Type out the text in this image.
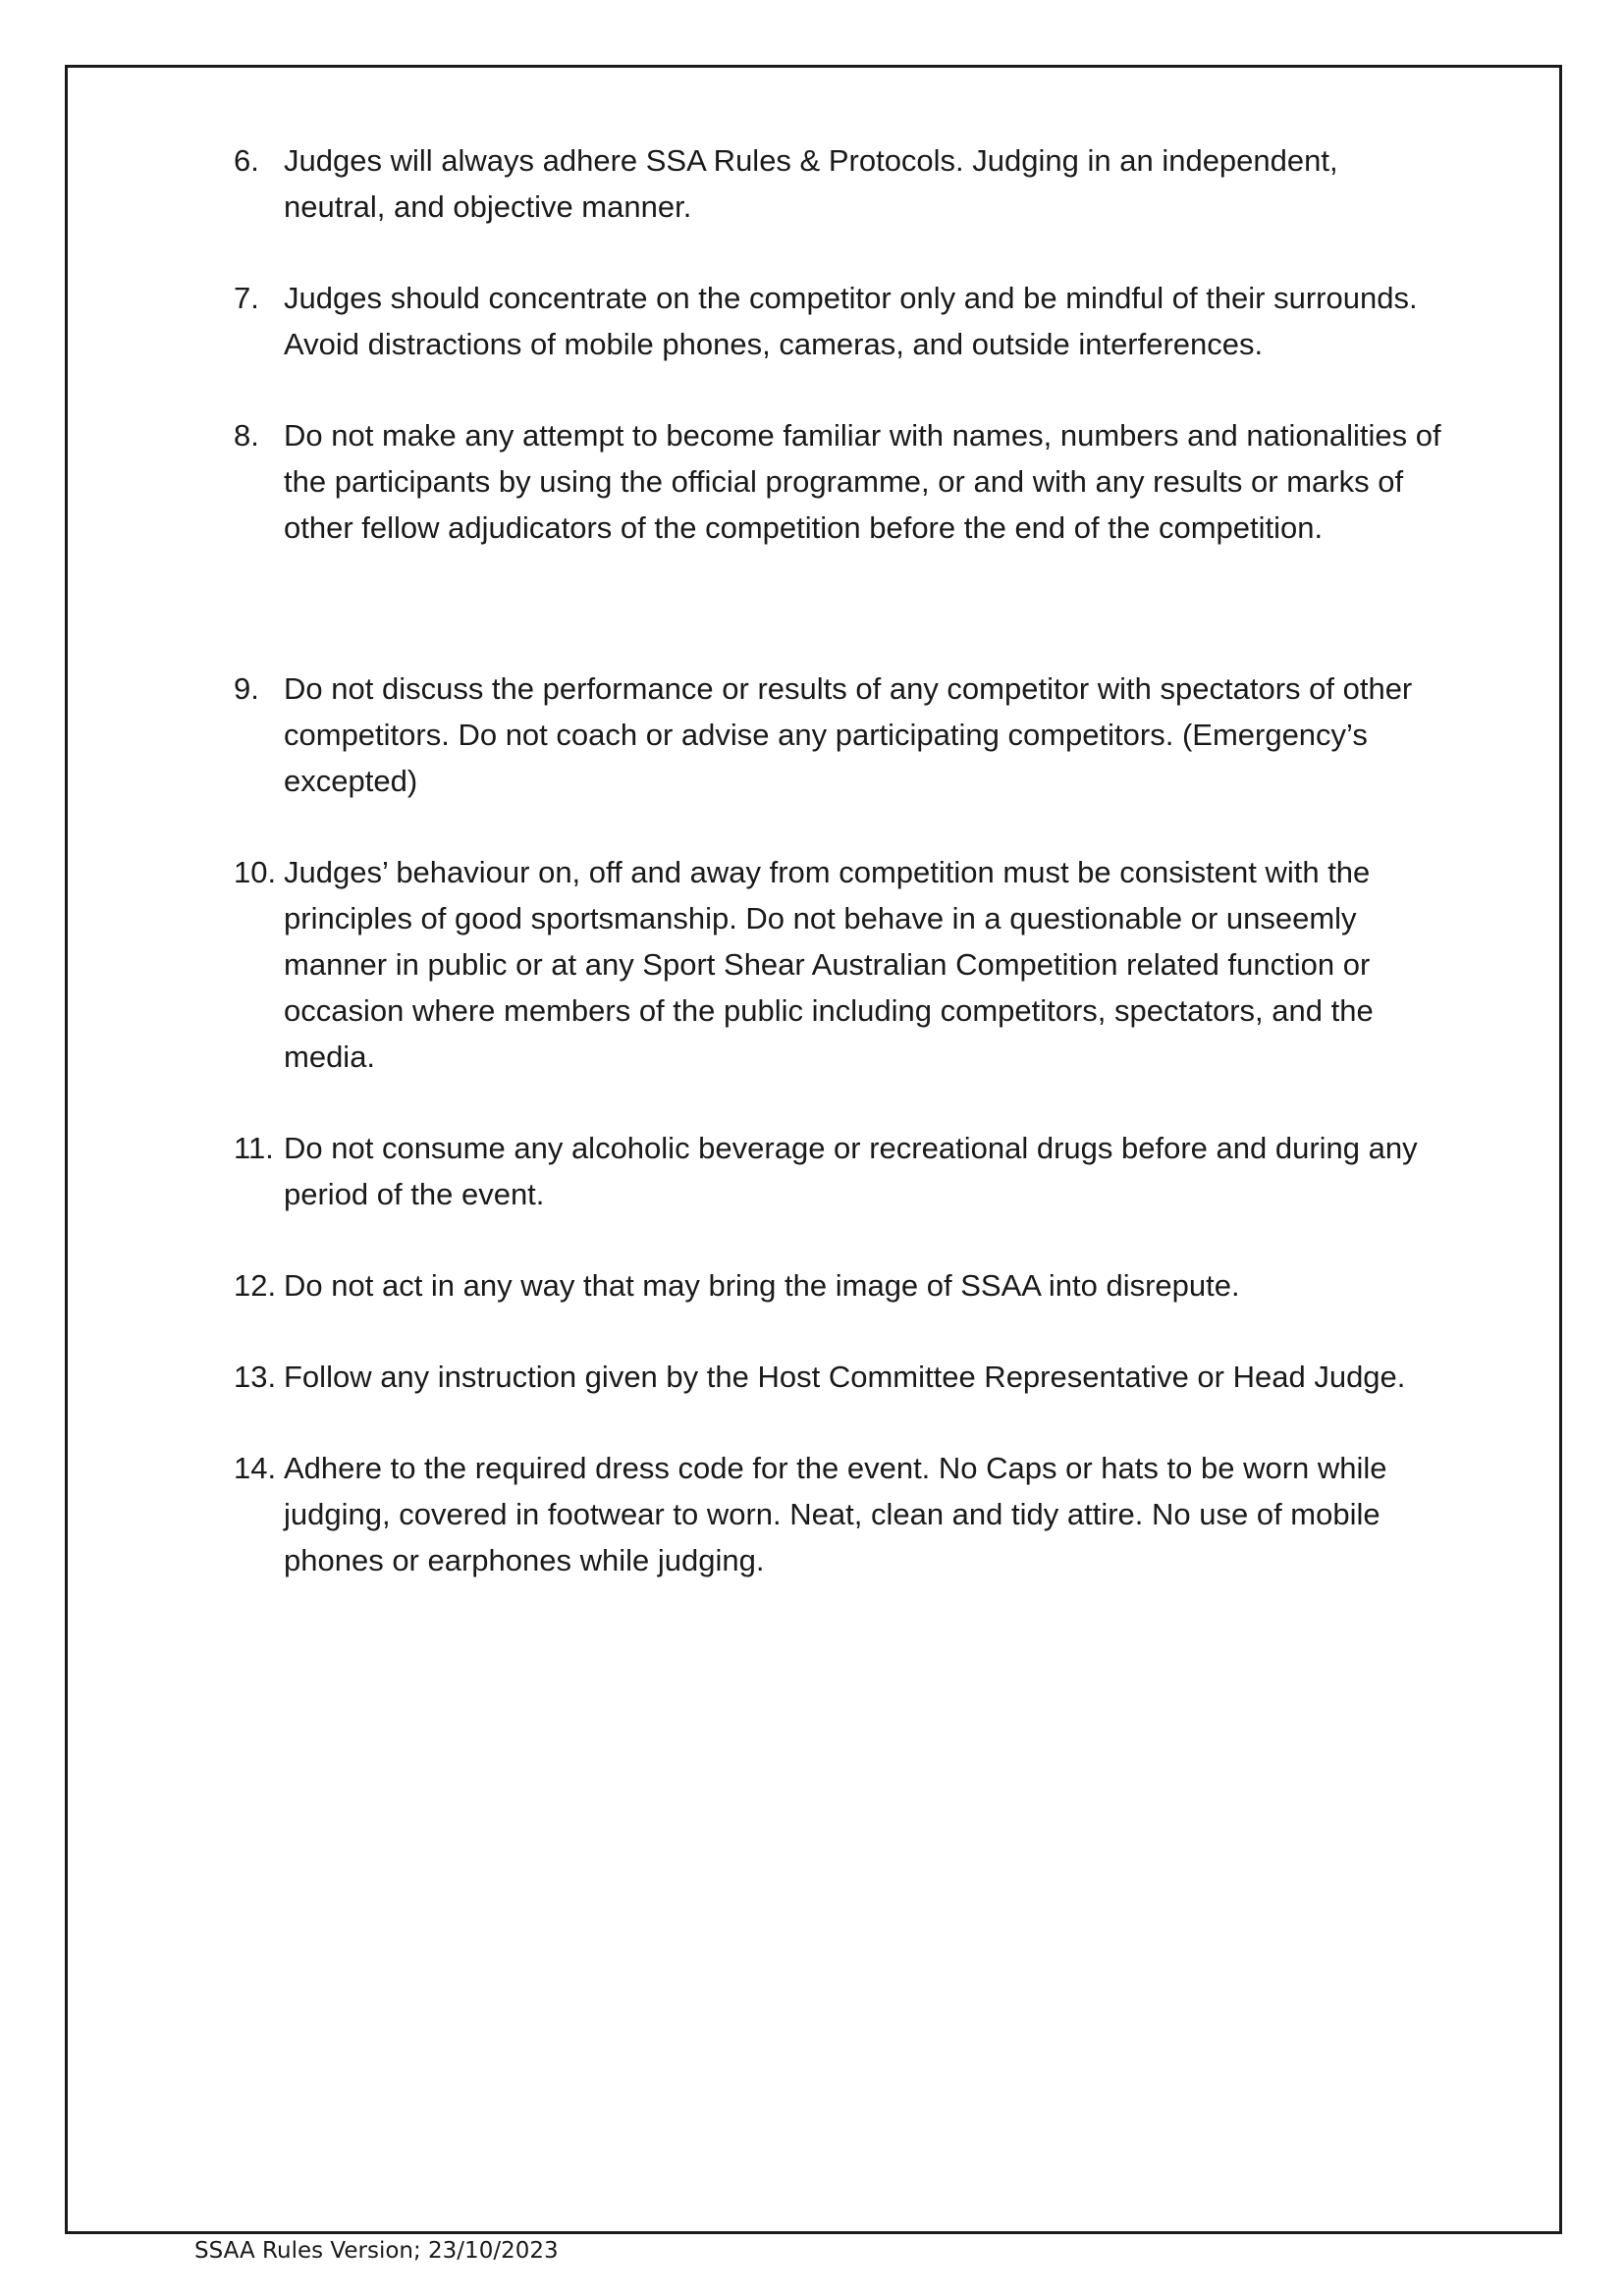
6. Judges will always adhere SSA Rules & Protocols. Judging in an independent, neutral, and objective manner.
7. Judges should concentrate on the competitor only and be mindful of their surrounds. Avoid distractions of mobile phones, cameras, and outside interferences.
8. Do not make any attempt to become familiar with names, numbers and nationalities of the participants by using the official programme, or and with any results or marks of other fellow adjudicators of the competition before the end of the competition.
9. Do not discuss the performance or results of any competitor with spectators of other competitors. Do not coach or advise any participating competitors. (Emergency’s excepted)
10. Judges’ behaviour on, off and away from competition must be consistent with the principles of good sportsmanship. Do not behave in a questionable or unseemly manner in public or at any Sport Shear Australian Competition related function or occasion where members of the public including competitors, spectators, and the media.
11. Do not consume any alcoholic beverage or recreational drugs before and during any period of the event.
12. Do not act in any way that may bring the image of SSAA into disrepute.
13. Follow any instruction given by the Host Committee Representative or Head Judge.
14. Adhere to the required dress code for the event. No Caps or hats to be worn while judging, covered in footwear to worn. Neat, clean and tidy attire. No use of mobile phones or earphones while judging.
SSAA Rules Version; 23/10/2023
